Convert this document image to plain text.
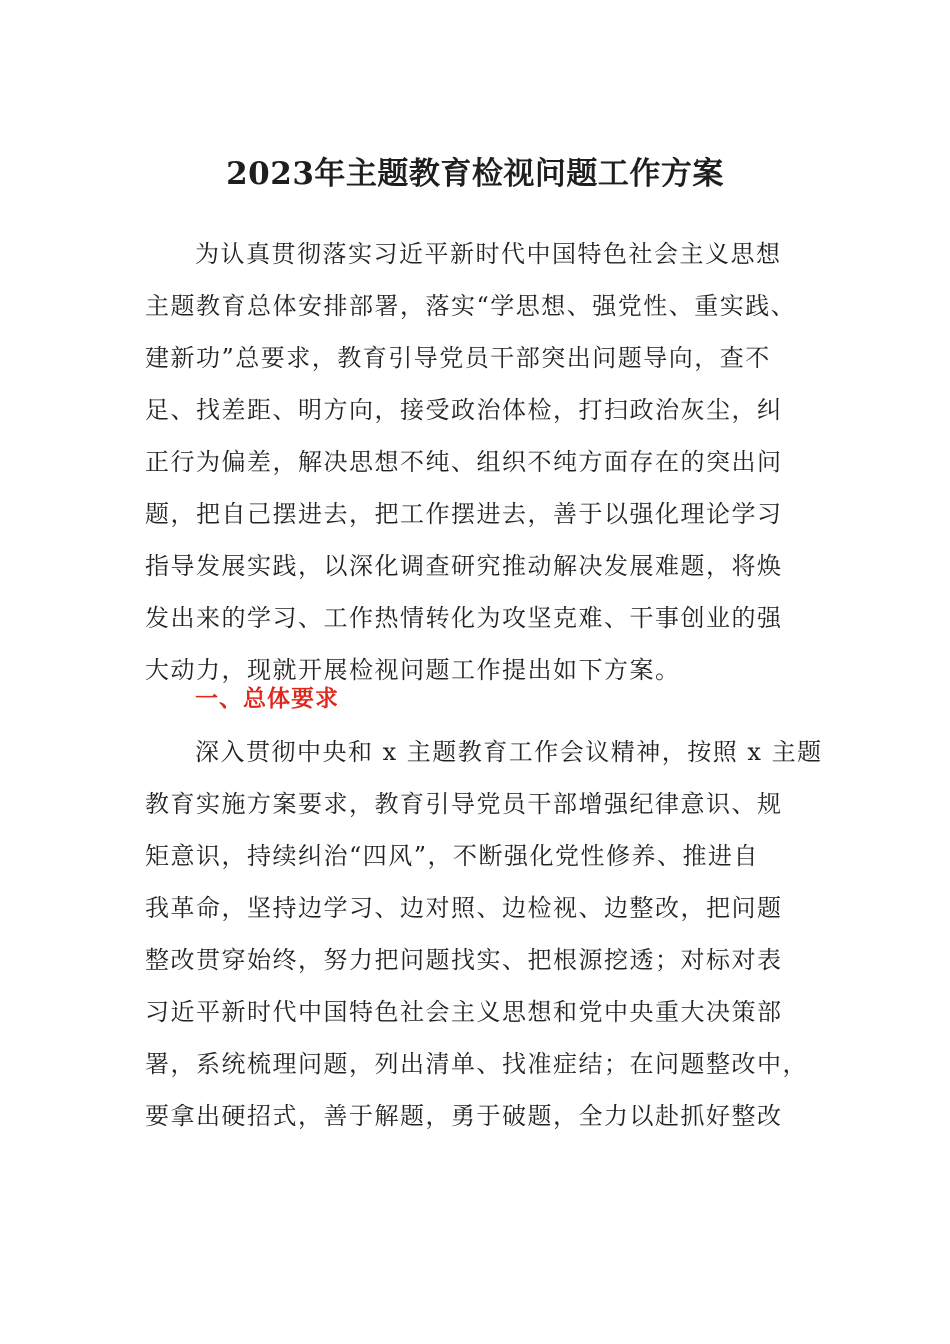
2023年主题教育检视问题工作方案
为认真贯彻落实习近平新时代中国特色社会主义思想
主题教育总体安排部署，落实“学思想、强党性、重实践、
建新功”总要求，教育引导党员干部突出问题导向，查不
足、找差距、明方向，接受政治体检，打扫政治灰尘，纠
正行为偏差，解决思想不纯、组织不纯方面存在的突出问
题，把自己摆进去，把工作摆进去，善于以强化理论学习
指导发展实践，以深化调查研究推动解决发展难题，将焕
发出来的学习、工作热情转化为攻坚克难、干事创业的强
大动力，现就开展检视问题工作提出如下方案。
一、总体要求
深入贯彻中央和 x 主题教育工作会议精神，按照 x 主题
教育实施方案要求，教育引导党员干部增强纪律意识、规
矩意识，持续纠治“四风”，不断强化党性修养、推进自
我革命，坚持边学习、边对照、边检视、边整改，把问题
整改贯穿始终，努力把问题找实、把根源挖透；对标对表
习近平新时代中国特色社会主义思想和党中央重大决策部
署，系统梳理问题，列出清单、找准症结；在问题整改中，
要拿出硬招式，善于解题，勇于破题，全力以赴抓好整改
